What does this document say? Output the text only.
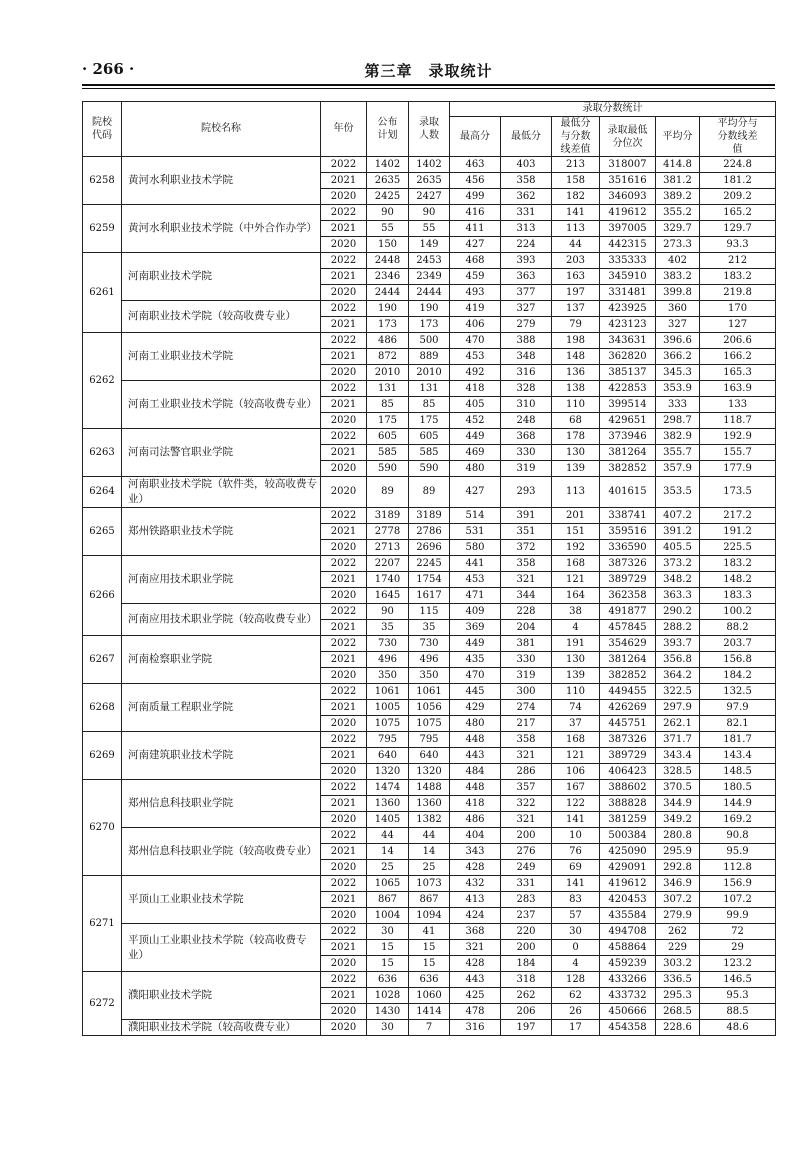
· 266 ·	第三章　录取统计
院校代码	院校名称	年份	公布计划	录取人数	录取分数统计					
					最高分	最低分	最低分与分数线差值	录取最低分位次	平均分	平均分与分数线差值

6258	黄河水利职业技术学院	2022	1402	1402	463	403	213	318007	414.8	224.8
		2021	2635	2635	456	358	158	351616	381.2	181.2
		2020	2425	2427	499	362	182	346093	389.2	209.2
6259	黄河水利职业技术学院（中外合作办学）	2022	90	90	416	331	141	419612	355.2	165.2
		2021	55	55	411	313	113	397005	329.7	129.7
		2020	150	149	427	224	44	442315	273.3	93.3
6261	河南职业技术学院	2022	2448	2453	468	393	203	335333	402	212
		2021	2346	2349	459	363	163	345910	383.2	183.2
		2020	2444	2444	493	377	197	331481	399.8	219.8
	河南职业技术学院（较高收费专业）	2022	190	190	419	327	137	423925	360	170
		2021	173	173	406	279	79	423123	327	127
6262	河南工业职业技术学院	2022	486	500	470	388	198	343631	396.6	206.6
		2021	872	889	453	348	148	362820	366.2	166.2
		2020	2010	2010	492	316	136	385137	345.3	165.3
	河南工业职业技术学院（较高收费专业）	2022	131	131	418	328	138	422853	353.9	163.9
		2021	85	85	405	310	110	399514	333	133
		2020	175	175	452	248	68	429651	298.7	118.7
6263	河南司法警官职业学院	2022	605	605	449	368	178	373946	382.9	192.9
		2021	585	585	469	330	130	381264	355.7	155.7
		2020	590	590	480	319	139	382852	357.9	177.9
6264	河南职业技术学院（软件类，较高收费专业）	2020	89	89	427	293	113	401615	353.5	173.5
6265	郑州铁路职业技术学院	2022	3189	3189	514	391	201	338741	407.2	217.2
		2021	2778	2786	531	351	151	359516	391.2	191.2
		2020	2713	2696	580	372	192	336590	405.5	225.5
6266	河南应用技术职业学院	2022	2207	2245	441	358	168	387326	373.2	183.2
		2021	1740	1754	453	321	121	389729	348.2	148.2
		2020	1645	1617	471	344	164	362358	363.3	183.3
	河南应用技术职业学院（较高收费专业）	2022	90	115	409	228	38	491877	290.2	100.2
		2021	35	35	369	204	4	457845	288.2	88.2
6267	河南检察职业学院	2022	730	730	449	381	191	354629	393.7	203.7
		2021	496	496	435	330	130	381264	356.8	156.8
		2020	350	350	470	319	139	382852	364.2	184.2
6268	河南质量工程职业学院	2022	1061	1061	445	300	110	449455	322.5	132.5
		2021	1005	1056	429	274	74	426269	297.9	97.9
		2020	1075	1075	480	217	37	445751	262.1	82.1
6269	河南建筑职业技术学院	2022	795	795	448	358	168	387326	371.7	181.7
		2021	640	640	443	321	121	389729	343.4	143.4
		2020	1320	1320	484	286	106	406423	328.5	148.5
6270	郑州信息科技职业学院	2022	1474	1488	448	357	167	388602	370.5	180.5
		2021	1360	1360	418	322	122	388828	344.9	144.9
		2020	1405	1382	486	321	141	381259	349.2	169.2
	郑州信息科技职业学院（较高收费专业）	2022	44	44	404	200	10	500384	280.8	90.8
		2021	14	14	343	276	76	425090	295.9	95.9
		2020	25	25	428	249	69	429091	292.8	112.8
6271	平顶山工业职业技术学院	2022	1065	1073	432	331	141	419612	346.9	156.9
		2021	867	867	413	283	83	420453	307.2	107.2
		2020	1004	1094	424	237	57	435584	279.9	99.9
	平顶山工业职业技术学院（较高收费专业）	2022	30	41	368	220	30	494708	262	72
		2021	15	15	321	200	0	458864	229	29
		2020	15	15	428	184	4	459239	303.2	123.2
6272	濮阳职业技术学院	2022	636	636	443	318	128	433266	336.5	146.5
		2021	1028	1060	425	262	62	433732	295.3	95.3
		2020	1430	1414	478	206	26	450666	268.5	88.5
	濮阳职业技术学院（较高收费专业）	2020	30	7	316	197	17	454358	228.6	48.6
